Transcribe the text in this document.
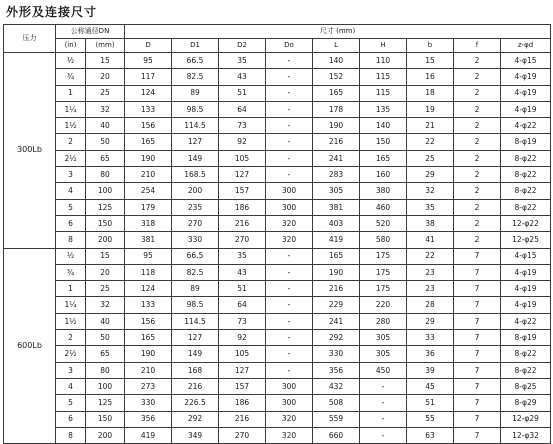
外形及连接尺寸
压力	公称通径DN		尺寸 (mm)								
	(in)	(mm)	D	D1	D2	Do	L	H	b	f	z-φd
300Lb	½	15	95	66.5	35	-	140	110	15	2	4-φ15
	¾	20	117	82.5	43	-	152	115	16	2	4-φ19
	1	25	124	89	51	-	165	115	18	2	4-φ19
	1¼	32	133	98.5	64	-	178	135	19	2	4-φ19
	1½	40	156	114.5	73	-	190	140	21	2	4-φ22
	2	50	165	127	92	-	216	150	22	2	8-φ19
	2½	65	190	149	105	-	241	165	25	2	8-φ22
	3	80	210	168.5	127	-	283	160	29	2	8-φ22
	4	100	254	200	157	300	305	380	32	2	8-φ22
	5	125	179	235	186	300	381	460	35	2	8-φ22
	6	150	318	270	216	320	403	520	38	2	12-φ22
	8	200	381	330	270	320	419	580	41	2	12-φ25
600Lb	½	15	95	66.5	35	-	165	175	22	7	4-φ15
	¾	20	118	82.5	43	-	190	175	23	7	4-φ19
	1	25	124	89	51	-	216	175	23	7	4-φ19
	1¼	32	133	98.5	64	-	229	220	28	7	4-φ19
	1½	40	156	114.5	73	-	241	280	29	7	4-φ22
	2	50	165	127	92	-	292	305	33	7	8-φ19
	2½	65	190	149	105	-	330	305	36	7	8-φ22
	3	80	210	168	127	-	356	450	39	7	8-φ22
	4	100	273	216	157	300	432	-	45	7	8-φ25
	5	125	330	226.5	186	300	508	-	51	7	8-φ29
	6	150	356	292	216	320	559	-	55	7	12-φ29
	8	200	419	349	270	320	660	-	63	7	12-φ32
